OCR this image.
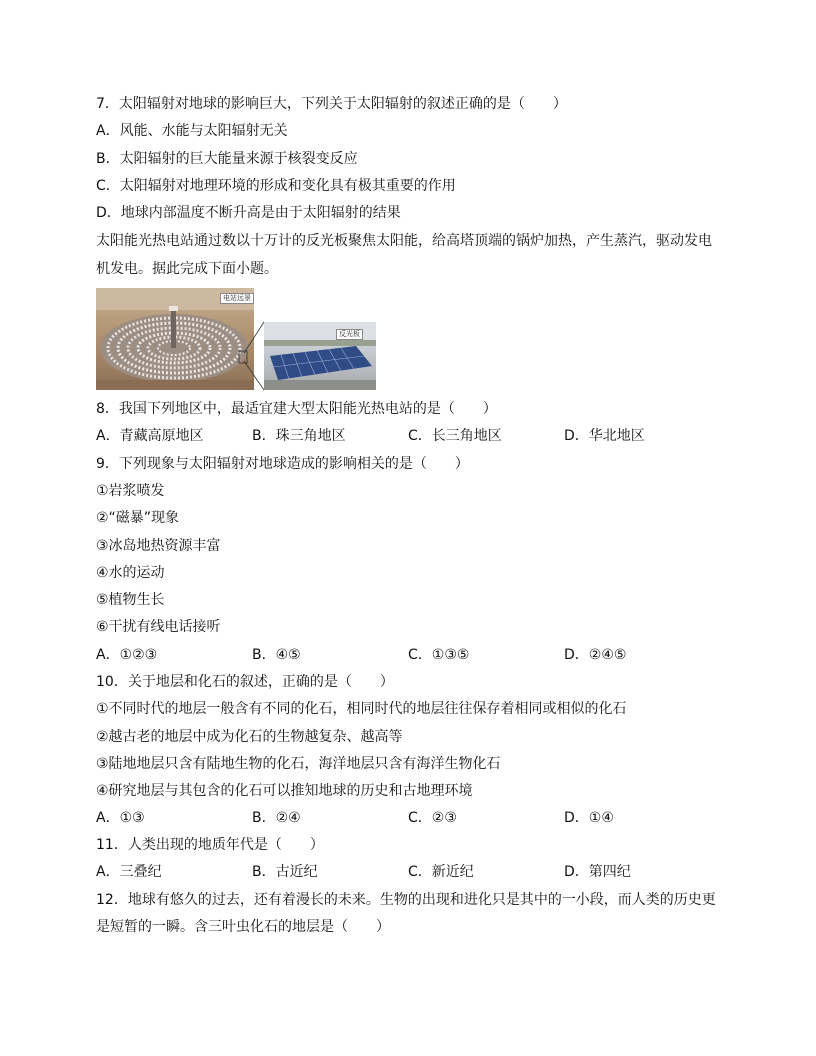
7．太阳辐射对地球的影响巨大，下列关于太阳辐射的叙述正确的是（　　）
A．风能、水能与太阳辐射无关
B．太阳辐射的巨大能量来源于核裂变反应
C．太阳辐射对地理环境的形成和变化具有极其重要的作用
D．地球内部温度不断升高是由于太阳辐射的结果
太阳能光热电站通过数以十万计的反光板聚焦太阳能，给高塔顶端的锅炉加热，产生蒸汽，驱动发电
机发电。据此完成下面小题。
电站远景
反光板
8．我国下列地区中，最适宜建大型太阳能光热电站的是（　　）
A．青藏高原地区	B．珠三角地区	C．长三角地区	D．华北地区
9．下列现象与太阳辐射对地球造成的影响相关的是（　　）
①岩浆喷发
②“磁暴”现象
③冰岛地热资源丰富
④水的运动
⑤植物生长
⑥干扰有线电话接听
A．①②③	B．④⑤	C．①③⑤	D．②④⑤
10．关于地层和化石的叙述，正确的是（　　）
①不同时代的地层一般含有不同的化石，相同时代的地层往往保存着相同或相似的化石
②越古老的地层中成为化石的生物越复杂、越高等
③陆地地层只含有陆地生物的化石，海洋地层只含有海洋生物化石
④研究地层与其包含的化石可以推知地球的历史和古地理环境
A．①③	B．②④	C．②③	D．①④
11．人类出现的地质年代是（　　）
A．三叠纪	B．古近纪	C．新近纪	D．第四纪
12．地球有悠久的过去，还有着漫长的未来。生物的出现和进化只是其中的一小段，而人类的历史更
是短暂的一瞬。含三叶虫化石的地层是（　　）
